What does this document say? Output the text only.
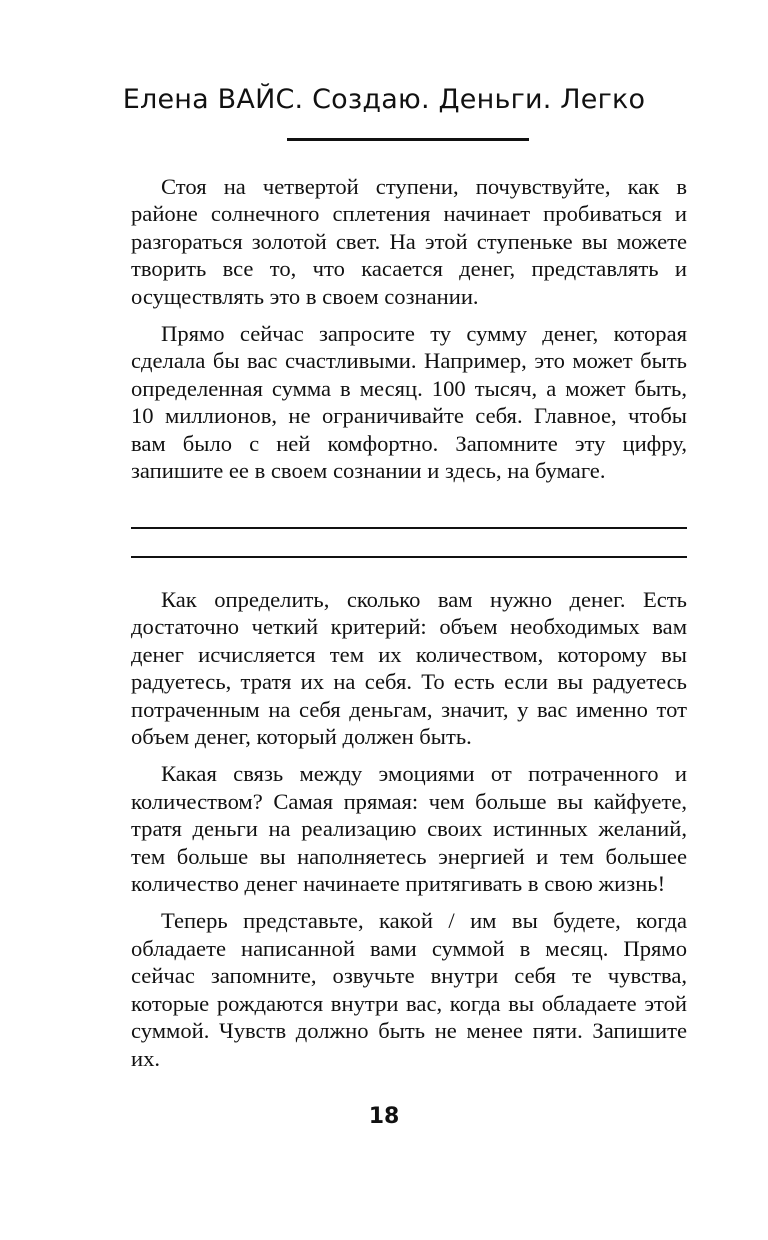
Елена ВАЙС. Создаю. Деньги. Легко

Стоя на четвертой ступени, почувствуйте, как в районе солнечного сплетения начинает пробиваться и разгораться золотой свет. На этой ступеньке вы можете творить все то, что касается денег, представлять и осуществлять это в своем сознании.

Прямо сейчас запросите ту сумму денег, которая сделала бы вас счастливыми. Например, это может быть определенная сумма в месяц. 100 тысяч, а может быть, 10 миллионов, не ограничивайте себя. Главное, чтобы вам было с ней комфортно. Запомните эту цифру, запишите ее в своем сознании и здесь, на бумаге.

Как определить, сколько вам нужно денег. Есть достаточно четкий критерий: объем необходимых вам денег исчисляется тем их количеством, которому вы радуетесь, тратя их на себя. То есть если вы радуетесь потраченным на себя деньгам, значит, у вас именно тот объем денег, который должен быть.

Какая связь между эмоциями от потраченного и количеством? Самая прямая: чем больше вы кайфуете, тратя деньги на реализацию своих истинных желаний, тем больше вы наполняетесь энергией и тем большее количество денег начинаете притягивать в свою жизнь!

Теперь представьте, какой / им вы будете, когда обладаете написанной вами суммой в месяц. Прямо сейчас запомните, озвучьте внутри себя те чувства, которые рождаются внутри вас, когда вы обладаете этой суммой. Чувств должно быть не менее пяти. Запишите их.

18
